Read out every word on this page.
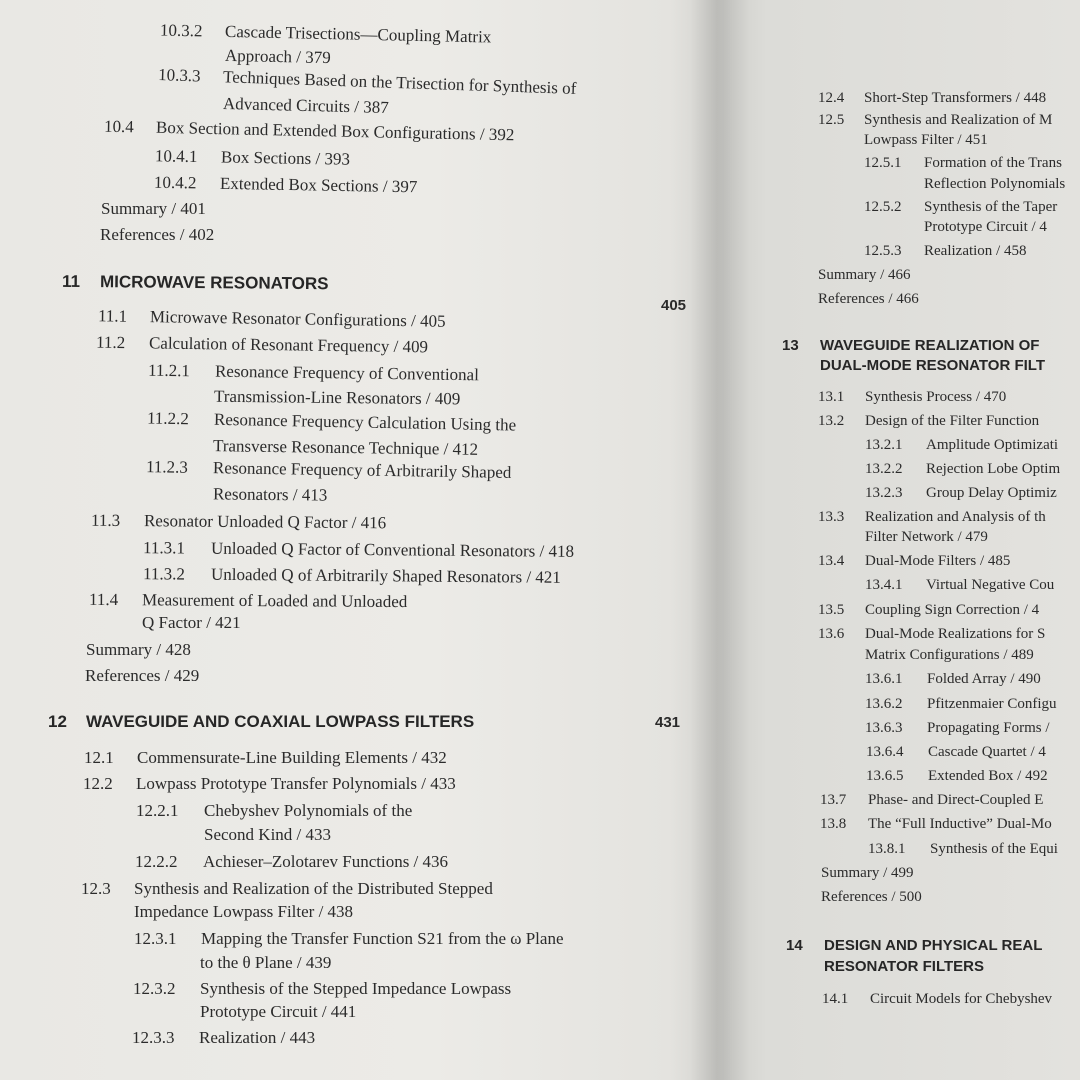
10.3.2 Cascade Trisections—Coupling Matrix
Approach / 379
10.3.3 Techniques Based on the Trisection for Synthesis of
Advanced Circuits / 387
10.4 Box Section and Extended Box Configurations / 392
10.4.1 Box Sections / 393
10.4.2 Extended Box Sections / 397
Summary / 401
References / 402
11 MICROWAVE RESONATORS
405
11.1 Microwave Resonator Configurations / 405
11.2 Calculation of Resonant Frequency / 409
11.2.1 Resonance Frequency of Conventional
Transmission-Line Resonators / 409
11.2.2 Resonance Frequency Calculation Using the
Transverse Resonance Technique / 412
11.2.3 Resonance Frequency of Arbitrarily Shaped
Resonators / 413
11.3 Resonator Unloaded Q Factor / 416
11.3.1 Unloaded Q Factor of Conventional Resonators / 418
11.3.2 Unloaded Q of Arbitrarily Shaped Resonators / 421
11.4 Measurement of Loaded and Unloaded
Q Factor / 421
Summary / 428
References / 429
12 WAVEGUIDE AND COAXIAL LOWPASS FILTERS	431
12.1 Commensurate-Line Building Elements / 432
12.2 Lowpass Prototype Transfer Polynomials / 433
12.2.1 Chebyshev Polynomials of the
Second Kind / 433
12.2.2 Achieser–Zolotarev Functions / 436
12.3 Synthesis and Realization of the Distributed Stepped
Impedance Lowpass Filter / 438
12.3.1 Mapping the Transfer Function S21 from the ω Plane
to the θ Plane / 439
12.3.2 Synthesis of the Stepped Impedance Lowpass
Prototype Circuit / 441
12.3.3 Realization / 443
12.4 Short-Step Transformers / 448
12.5 Synthesis and Realization of M
Lowpass Filter / 451
12.5.1 Formation of the Trans
Reflection Polynomials
12.5.2 Synthesis of the Taper
Prototype Circuit / 4
12.5.3 Realization / 458
Summary / 466
References / 466
13 WAVEGUIDE REALIZATION OF
DUAL-MODE RESONATOR FILT
13.1 Synthesis Process / 470
13.2 Design of the Filter Function
13.2.1 Amplitude Optimizati
13.2.2 Rejection Lobe Optim
13.2.3 Group Delay Optimiz
13.3 Realization and Analysis of th
Filter Network / 479
13.4 Dual-Mode Filters / 485
13.4.1 Virtual Negative Cou
13.5 Coupling Sign Correction / 4
13.6 Dual-Mode Realizations for S
Matrix Configurations / 489
13.6.1 Folded Array / 490
13.6.2 Pfitzenmaier Configu
13.6.3 Propagating Forms /
13.6.4 Cascade Quartet / 4
13.6.5 Extended Box / 492
13.7 Phase- and Direct-Coupled E
13.8 The “Full Inductive” Dual-Mo
13.8.1 Synthesis of the Equi
Summary / 499
References / 500
14 DESIGN AND PHYSICAL REAL
RESONATOR FILTERS
14.1 Circuit Models for Chebyshev
